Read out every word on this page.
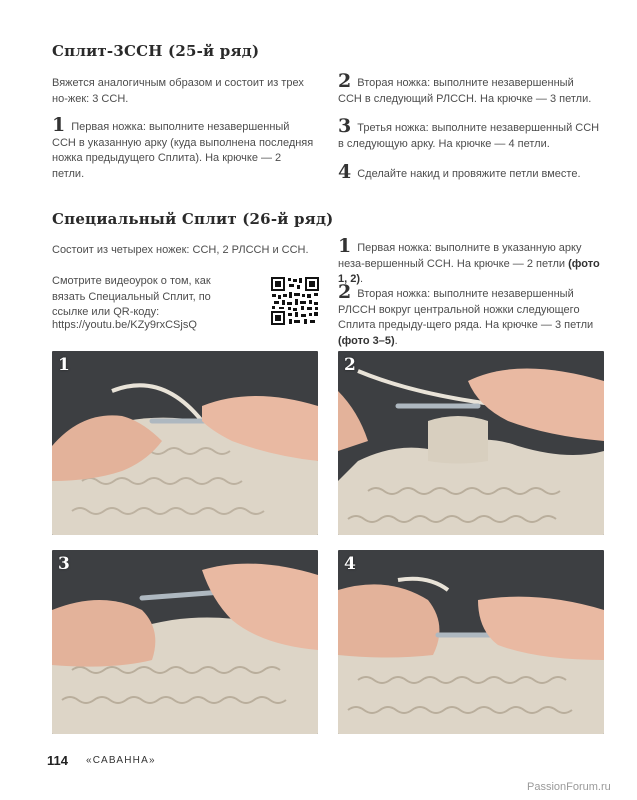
Сплит-3ССН (25-й ряд)
Вяжется аналогичным образом и состоит из трех но-жек: 3 ССН.
1 Первая ножка: выполните незавершенный ССН в указанную арку (куда выполнена последняя ножка предыдущего Сплита). На крючке — 2 петли.
2 Вторая ножка: выполните незавершенный ССН в следующий РЛССН. На крючке — 3 петли.
3 Третья ножка: выполните незавершенный ССН в следующую арку. На крючке — 4 петли.
4 Сделайте накид и провяжите петли вместе.
Специальный Сплит (26-й ряд)
Состоит из четырех ножек: ССН, 2 РЛССН и ССН.
Смотрите видеоурок о том, как вязать Специальный Сплит, по ссылке или QR-коду:
https://youtu.be/KZy9rxCSjsQ
1 Первая ножка: выполните в указанную арку неза-вершенный ССН. На крючке — 2 петли (фото 1, 2).
2 Вторая ножка: выполните незавершенный РЛССН вокруг центральной ножки следующего Сплита предыду-щего ряда. На крючке — 3 петли (фото 3–5).
1	2
3	4
114 «САВАННА»
PassionForum.ru
